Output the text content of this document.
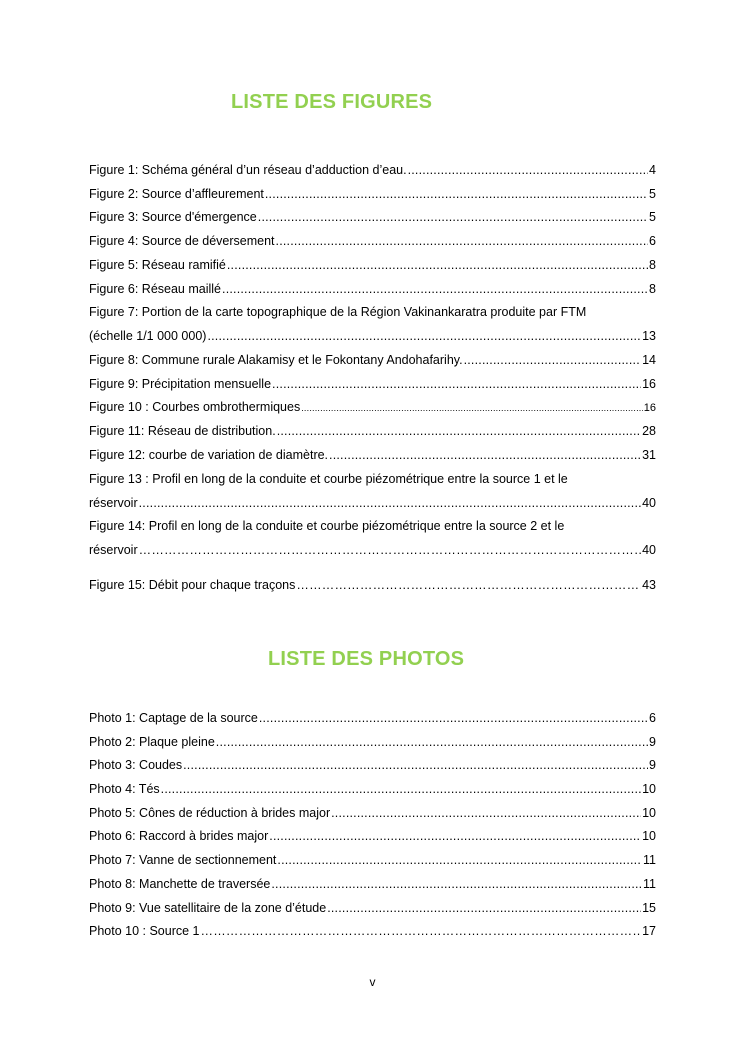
LISTE DES FIGURES
Figure 1: Schéma général d’un réseau d’adduction d’eau. .....	4
Figure 2: Source d’affleurement .....	5
Figure 3: Source d'émergence .....	5
Figure 4: Source de déversement .....	6
Figure 5: Réseau ramifié .....	8
Figure 6: Réseau maillé .....	8
Figure 7: Portion de la carte topographique de la Région Vakinankaratra produite par FTM
(échelle 1/1 000 000) .....	13
Figure 8: Commune rurale Alakamisy et le Fokontany Andohafarihy. .....	14
Figure 9: Précipitation mensuelle .....	16
Figure 10 : Courbes ombrothermiques .....	16
Figure 11: Réseau de distribution. .....	28
Figure 12: courbe de variation de diamètre. .....	31
Figure 13 : Profil en long de la conduite et courbe piézométrique entre la source 1 et le
réservoir .....	40
Figure 14: Profil en long de la conduite et courbe piézométrique entre la source 2 et le
réservoir ……………………………………………………………………………………………………………………………………………………………	40
Figure 15: Débit pour chaque traçons ……………………………………………………………………………………………………………………………………………………………	43
LISTE DES PHOTOS
Photo 1: Captage de la source .....	6
Photo 2: Plaque pleine .....	9
Photo 3: Coudes .....	9
Photo 4: Tés .....	10
Photo 5: Cônes de réduction à brides major .....	10
Photo 6: Raccord à brides major .....	10
Photo 7: Vanne de sectionnement .....	11
Photo 8: Manchette de traversée .....	11
Photo 9: Vue satellitaire de la zone d’étude .....	15
Photo 10 : Source 1 ……………………………………………………………………………………………………………………………………………………………	17
v
